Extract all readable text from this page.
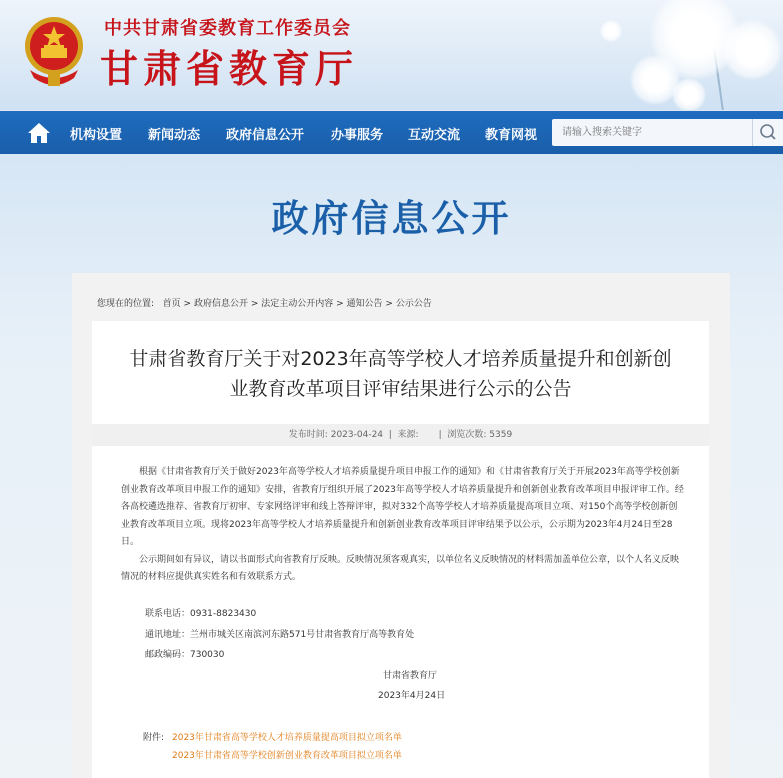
中共甘肃省委教育工作委员会
甘肃省教育厅
机构设置 新闻动态 政府信息公开 办事服务 互动交流 教育网视
请输入搜索关键字
政府信息公开
您现在的位置: 首页 > 政府信息公开 > 法定主动公开内容 > 通知公告 > 公示公告
甘肃省教育厅关于对2023年高等学校人才培养质量提升和创新创
业教育改革项目评审结果进行公示的公告
发布时间: 2023-04-24  |  来源:       |  浏览次数: 5359

根据《甘肃省教育厅关于做好2023年高等学校人才培养质量提升项目申报工作的通知》和《甘肃省教育厅关于开展2023年高等学校创新创业教育改革项目申报工作的通知》安排，省教育厅组织开展了2023年高等学校人才培养质量提升和创新创业教育改革项目申报评审工作。经各高校遴选推荐、省教育厅初审、专家网络评审和线上答辩评审，拟对332个高等学校人才培养质量提高项目立项、对150个高等学校创新创业教育改革项目立项。现将2023年高等学校人才培养质量提升和创新创业教育改革项目评审结果予以公示，公示期为2023年4月24日至28日。

公示期间如有异议，请以书面形式向省教育厅反映。反映情况须客观真实，以单位名义反映情况的材料需加盖单位公章，以个人名义反映情况的材料应提供真实姓名和有效联系方式。

联系电话：0931-8823430
通讯地址：兰州市城关区南滨河东路571号甘肃省教育厅高等教育处
邮政编码：730030
甘肃省教育厅
2023年4月24日
附件: 2023年甘肃省高等学校人才培养质量提高项目拟立项名单
2023年甘肃省高等学校创新创业教育改革项目拟立项名单
